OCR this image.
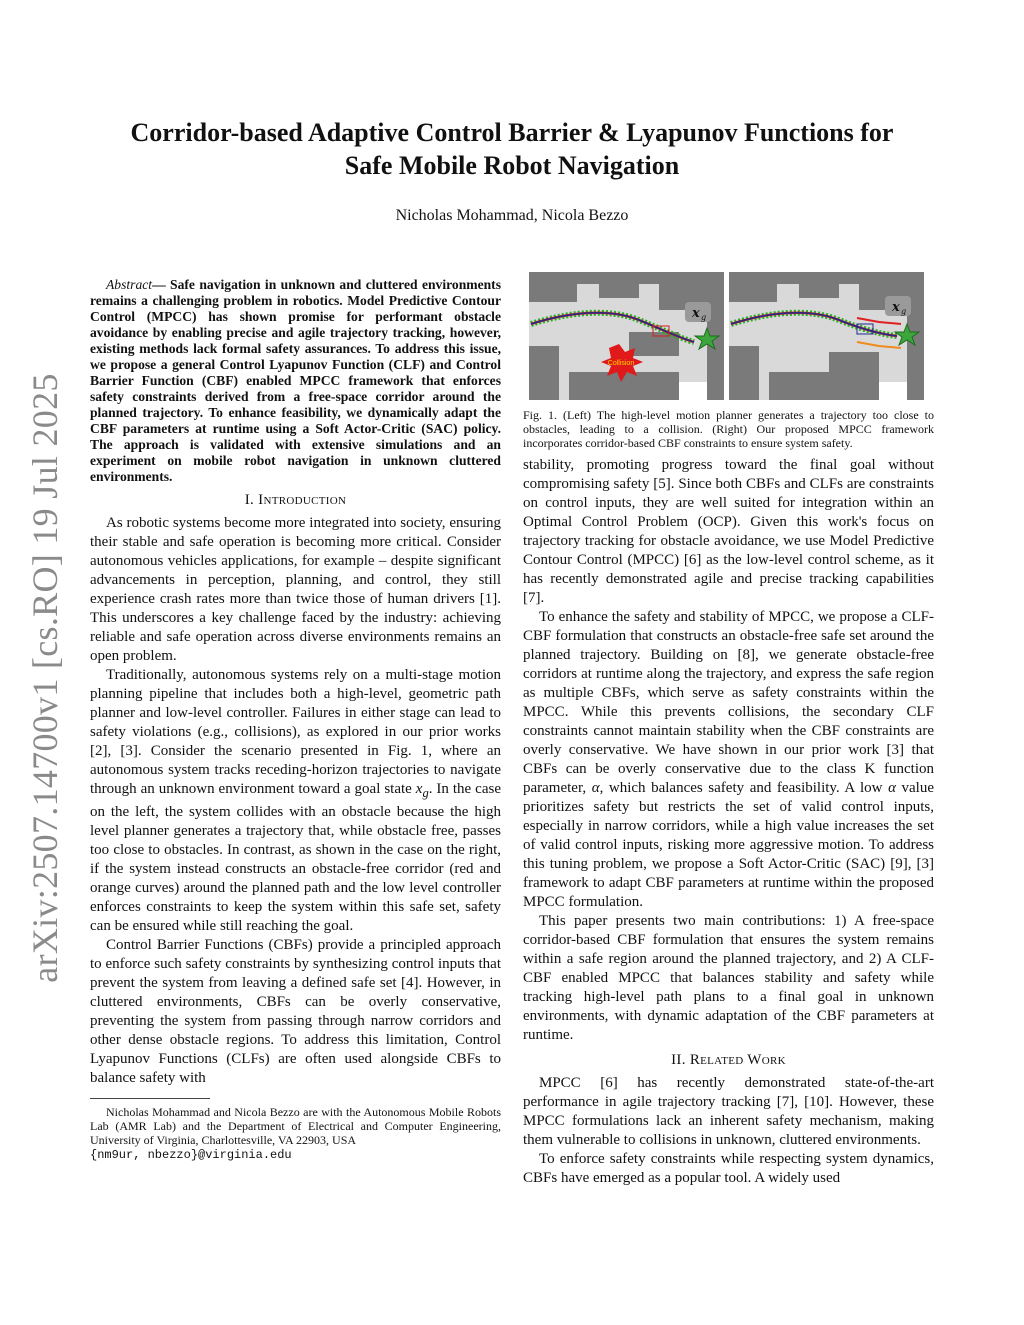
arXiv:2507.14700v1 [cs.RO] 19 Jul 2025
Corridor-based Adaptive Control Barrier & Lyapunov Functions for
Safe Mobile Robot Navigation
Nicholas Mohammad, Nicola Bezzo

Abstract— Safe navigation in unknown and cluttered environments remains a challenging problem in robotics. Model Predictive Contour Control (MPCC) has shown promise for performant obstacle avoidance by enabling precise and agile trajectory tracking, however, existing methods lack formal safety assurances. To address this issue, we propose a general Control Lyapunov Function (CLF) and Control Barrier Function (CBF) enabled MPCC framework that enforces safety constraints derived from a free-space corridor around the planned trajectory. To enhance feasibility, we dynamically adapt the CBF parameters at runtime using a Soft Actor-Critic (SAC) policy. The approach is validated with extensive simulations and an experiment on mobile robot navigation in unknown cluttered environments.

I. Introduction

As robotic systems become more integrated into society, ensuring their stable and safe operation is becoming more critical. Consider autonomous vehicles applications, for example – despite significant advancements in perception, planning, and control, they still experience crash rates more than twice those of human drivers [1]. This underscores a key challenge faced by the industry: achieving reliable and safe operation across diverse environments remains an open problem.

Traditionally, autonomous systems rely on a multi-stage motion planning pipeline that includes both a high-level, geometric path planner and low-level controller. Failures in either stage can lead to safety violations (e.g., collisions), as explored in our prior works [2], [3]. Consider the scenario presented in Fig. 1, where an autonomous system tracks receding-horizon trajectories to navigate through an unknown environment toward a goal state $x_g$. In the case on the left, the system collides with an obstacle because the high level planner generates a trajectory that, while obstacle free, passes too close to obstacles. In contrast, as shown in the case on the right, if the system instead constructs an obstacle-free corridor (red and orange curves) around the planned path and the low level controller enforces constraints to keep the system within this safe set, safety can be ensured while still reaching the goal.

Control Barrier Functions (CBFs) provide a principled approach to enforce such safety constraints by synthesizing control inputs that prevent the system from leaving a defined safe set [4]. However, in cluttered environments, CBFs can be overly conservative, preventing the system from passing through narrow corridors and other dense obstacle regions. To address this limitation, Control Lyapunov Functions (CLFs) are often used alongside CBFs to balance safety with

Nicholas Mohammad and Nicola Bezzo are with the Autonomous Mobile Robots Lab (AMR Lab) and the Department of Electrical and Computer Engineering, University of Virginia, Charlottesville, VA 22903, USA
{nm9ur, nbezzo}@virginia.edu

x g
Collision
x g
Fig. 1. (Left) The high-level motion planner generates a trajectory too close to obstacles, leading to a collision. (Right) Our proposed MPCC framework incorporates corridor-based CBF constraints to ensure system safety.

stability, promoting progress toward the final goal without compromising safety [5]. Since both CBFs and CLFs are constraints on control inputs, they are well suited for integration within an Optimal Control Problem (OCP). Given this work's focus on trajectory tracking for obstacle avoidance, we use Model Predictive Contour Control (MPCC) [6] as the low-level control scheme, as it has recently demonstrated agile and precise tracking capabilities [7].

To enhance the safety and stability of MPCC, we propose a CLF-CBF formulation that constructs an obstacle-free safe set around the planned trajectory. Building on [8], we generate obstacle-free corridors at runtime along the trajectory, and express the safe region as multiple CBFs, which serve as safety constraints within the MPCC. While this prevents collisions, the secondary CLF constraints cannot maintain stability when the CBF constraints are overly conservative. We have shown in our prior work [3] that CBFs can be overly conservative due to the class K function parameter, α, which balances safety and feasibility. A low α value prioritizes safety but restricts the set of valid control inputs, especially in narrow corridors, while a high value increases the set of valid control inputs, risking more aggressive motion. To address this tuning problem, we propose a Soft Actor-Critic (SAC) [9], [3] framework to adapt CBF parameters at runtime within the proposed MPCC formulation.

This paper presents two main contributions: 1) A free-space corridor-based CBF formulation that ensures the system remains within a safe region around the planned trajectory, and 2) A CLF-CBF enabled MPCC that balances stability and safety while tracking high-level path plans to a final goal in unknown environments, with dynamic adaptation of the CBF parameters at runtime.

II. Related Work

MPCC [6] has recently demonstrated state-of-the-art performance in agile trajectory tracking [7], [10]. However, these MPCC formulations lack an inherent safety mechanism, making them vulnerable to collisions in unknown, cluttered environments.

To enforce safety constraints while respecting system dynamics, CBFs have emerged as a popular tool. A widely used
